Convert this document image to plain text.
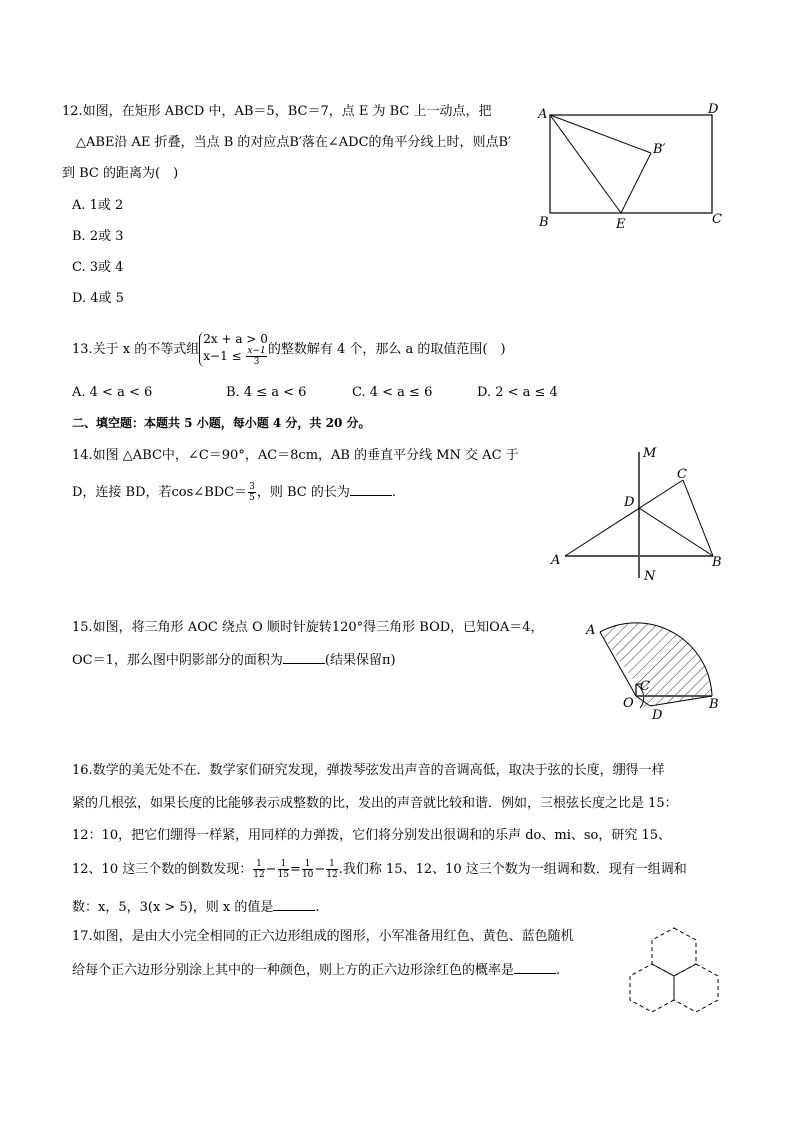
12.如图，在矩形 ABCD 中，AB＝5，BC＝7，点 E 为 BC 上一动点，把
△ABE沿 AE 折叠，当点 B 的对应点B′落在∠ADC的角平分线上时，则点B′
到 BC 的距离为(　)
A. 1或 2
B. 2或 3
C. 3或 4
D. 4或 5
A	D
B′
B	E	C
13.关于 x 的不等式组
2x + a > 0
$x-1 \le \frac{x-1}{3}$ 的整数解有 4 个，那么 a 的取值范围(　)
A. 4 < a < 6	B. 4 ≤ a < 6	C. 4 < a ≤ 6	D. 2 < a ≤ 4
二、填空题：本题共 5 小题，每小题 4 分，共 20 分。
14.如图 △ABC中，∠C＝90°，AC＝8cm，AB 的垂直平分线 MN 交 AC 于
D，连接 BD，若cos∠BDC＝ $\frac{3}{5}$ ，则 BC 的长为	.
M
C
D
A	B
N
15.如图，将三角形 AOC 绕点 O 顺时针旋转120°得三角形 BOD，已知OA＝4，
OC＝1，那么图中阴影部分的面积为	(结果保留π)
A
C
O
D
B
16.数学的美无处不在．数学家们研究发现，弹拨琴弦发出声音的音调高低，取决于弦的长度，绷得一样
紧的几根弦，如果长度的比能够表示成整数的比，发出的声音就比较和谐．例如，三根弦长度之比是 15：
12：10，把它们绷得一样紧，用同样的力弹拨，它们将分别发出很调和的乐声 do、mi、so，研究 15、
12、10 这三个数的倒数发现： $\frac{1}{12} - \frac{1}{15} = \frac{1}{10} - \frac{1}{12}$ .我们称 15、12、10 这三个数为一组调和数．现有一组调和
数：x，5，3(x > 5)，则 x 的值是	.
17.如图，是由大小完全相同的正六边形组成的图形，小军准备用红色、黄色、蓝色随机
给每个正六边形分别涂上其中的一种颜色，则上方的正六边形涂红色的概率是	.
